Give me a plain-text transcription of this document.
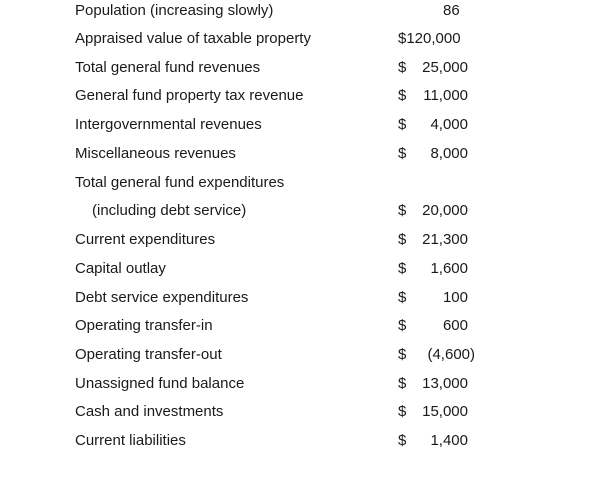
Population (increasing slowly)	86
Appraised value of taxable property	$120,000
Total general fund revenues	$ 25,000
General fund property tax revenue	$ 11,000
Intergovernmental revenues	$ 4,000
Miscellaneous revenues	$ 8,000
Total general fund expenditures
(including debt service)	$ 20,000
Current expenditures	$ 21,300
Capital outlay	$ 1,600
Debt service expenditures	$ 100
Operating transfer-in	$ 600
Operating transfer-out	$ (4,600)
Unassigned fund balance	$ 13,000
Cash and investments	$ 15,000
Current liabilities	$ 1,400
